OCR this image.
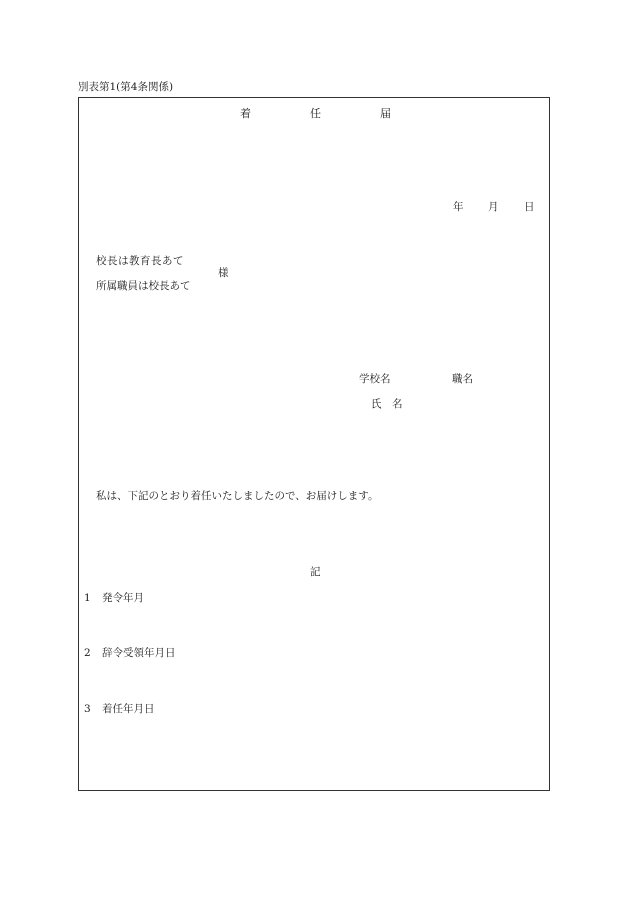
別表第1(第4条関係)
着	任	届
年 月 日
校長は教育長あて
所属職員は校長あて
様
学校名	職名
氏　名
私は、下記のとおり着任いたしましたので、お届けします。
記
1 発令年月
2 辞令受領年月日
3 着任年月日
